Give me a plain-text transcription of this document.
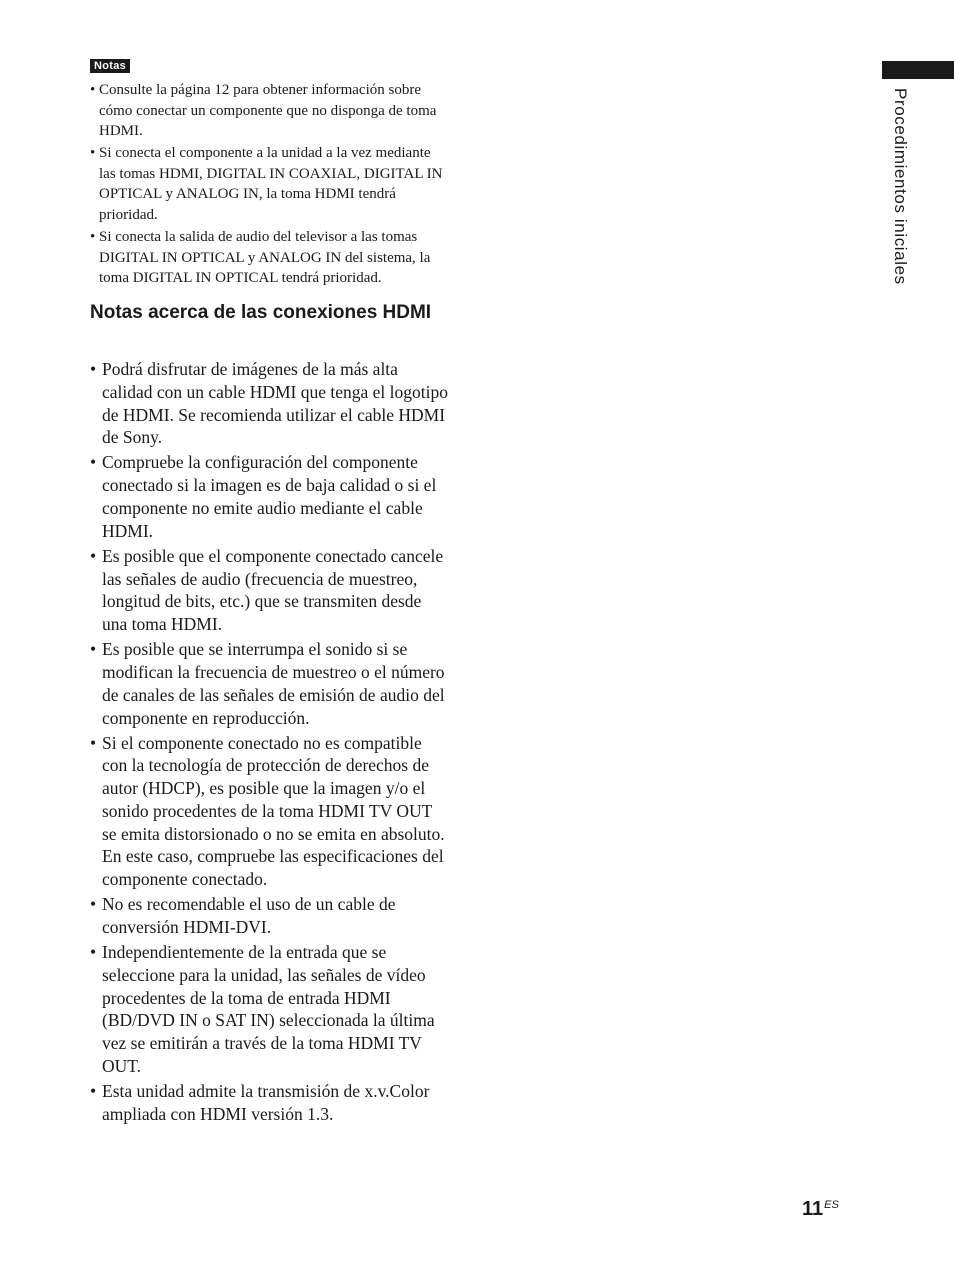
Notas
• Consulte la página 12 para obtener información sobre cómo conectar un componente que no disponga de toma HDMI.
• Si conecta el componente a la unidad a la vez mediante las tomas HDMI, DIGITAL IN COAXIAL, DIGITAL IN OPTICAL y ANALOG IN, la toma HDMI tendrá prioridad.
• Si conecta la salida de audio del televisor a las tomas DIGITAL IN OPTICAL y ANALOG IN del sistema, la toma DIGITAL IN OPTICAL tendrá prioridad.
Notas acerca de las conexiones HDMI
• Podrá disfrutar de imágenes de la más alta calidad con un cable HDMI que tenga el logotipo de HDMI. Se recomienda utilizar el cable HDMI de Sony.
• Compruebe la configuración del componente conectado si la imagen es de baja calidad o si el componente no emite audio mediante el cable HDMI.
• Es posible que el componente conectado cancele las señales de audio (frecuencia de muestreo, longitud de bits, etc.) que se transmiten desde una toma HDMI.
• Es posible que se interrumpa el sonido si se modifican la frecuencia de muestreo o el número de canales de las señales de emisión de audio del componente en reproducción.
• Si el componente conectado no es compatible con la tecnología de protección de derechos de autor (HDCP), es posible que la imagen y/o el sonido procedentes de la toma HDMI TV OUT se emita distorsionado o no se emita en absoluto.
En este caso, compruebe las especificaciones del componente conectado.
• No es recomendable el uso de un cable de conversión HDMI-DVI.
• Independientemente de la entrada que se seleccione para la unidad, las señales de vídeo procedentes de la toma de entrada HDMI (BD/DVD IN o SAT IN) seleccionada la última vez se emitirán a través de la toma HDMI TV OUT.
• Esta unidad admite la transmisión de x.v.Color ampliada con HDMI versión 1.3.
Procedimientos iniciales
$11^{ES}$
